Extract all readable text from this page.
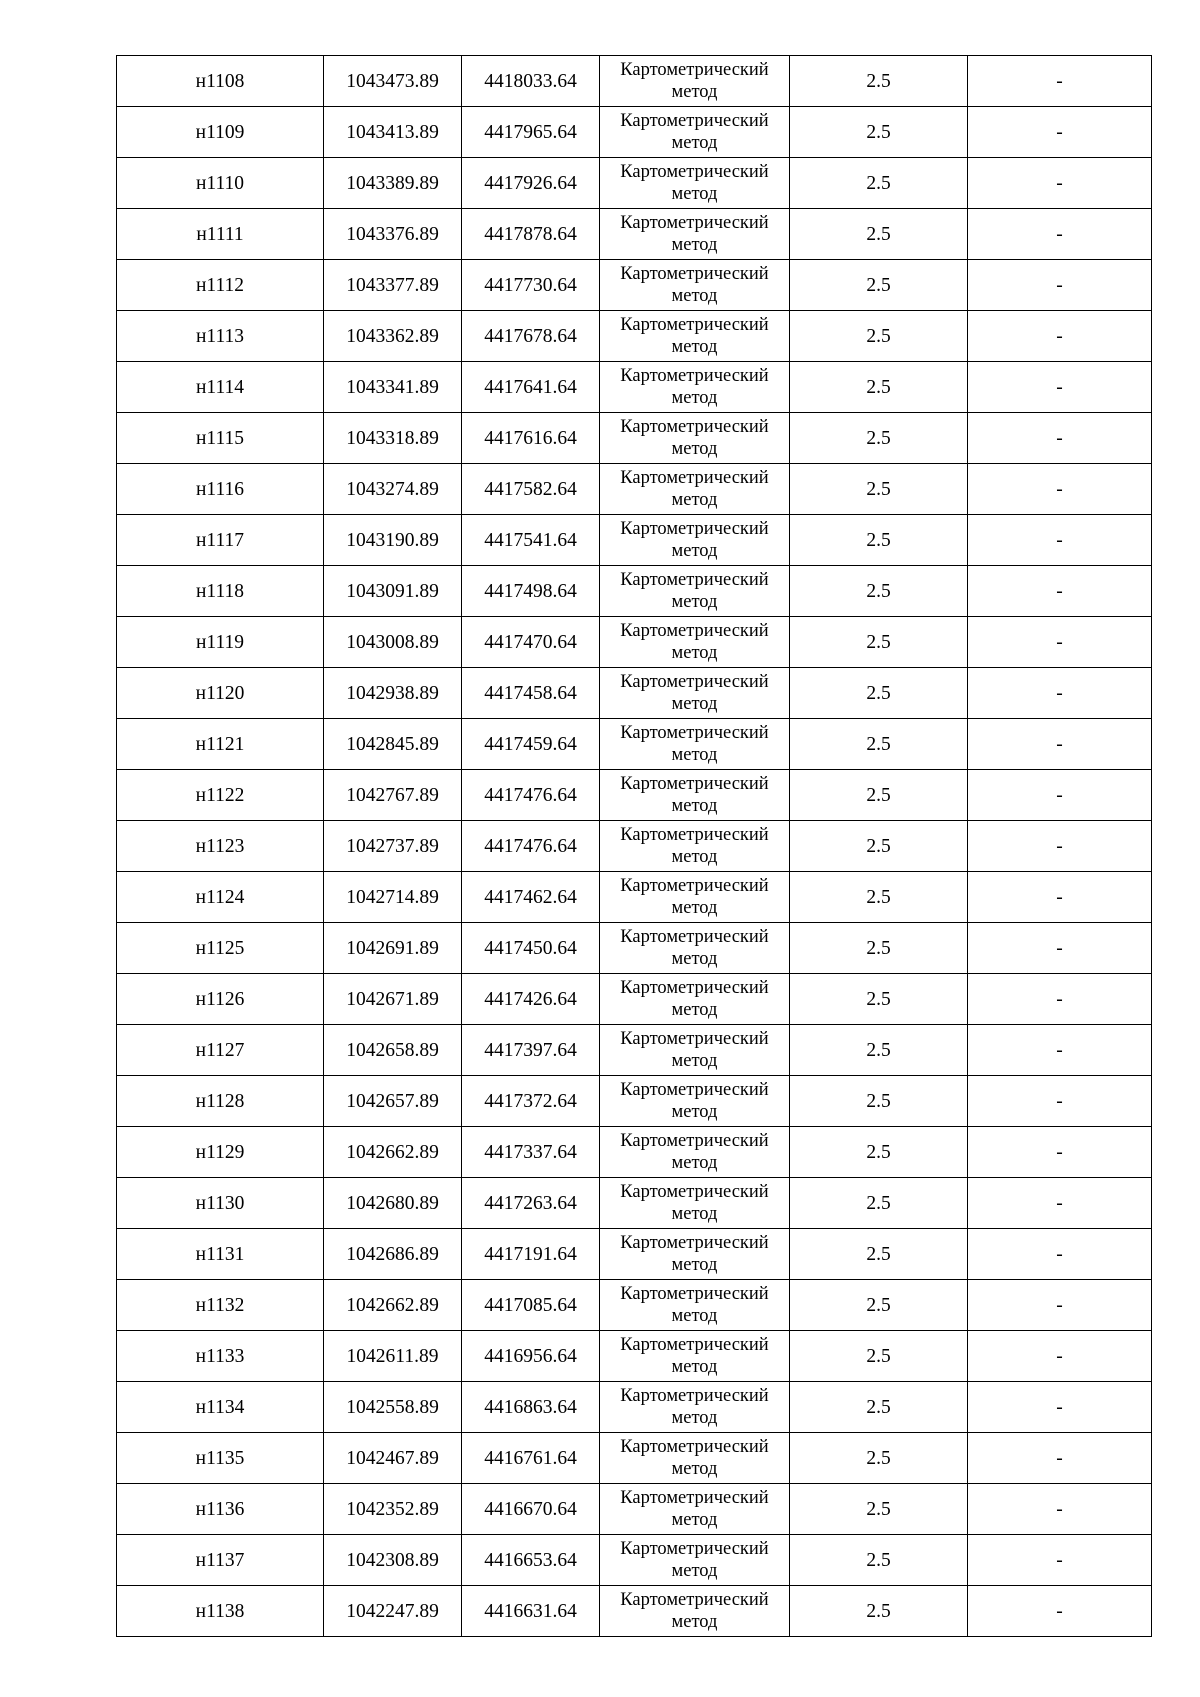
н1108	1043473.89	4418033.64	Картометрический метод	2.5	-
н1109	1043413.89	4417965.64	Картометрический метод	2.5	-
н1110	1043389.89	4417926.64	Картометрический метод	2.5	-
н1111	1043376.89	4417878.64	Картометрический метод	2.5	-
н1112	1043377.89	4417730.64	Картометрический метод	2.5	-
н1113	1043362.89	4417678.64	Картометрический метод	2.5	-
н1114	1043341.89	4417641.64	Картометрический метод	2.5	-
н1115	1043318.89	4417616.64	Картометрический метод	2.5	-
н1116	1043274.89	4417582.64	Картометрический метод	2.5	-
н1117	1043190.89	4417541.64	Картометрический метод	2.5	-
н1118	1043091.89	4417498.64	Картометрический метод	2.5	-
н1119	1043008.89	4417470.64	Картометрический метод	2.5	-
н1120	1042938.89	4417458.64	Картометрический метод	2.5	-
н1121	1042845.89	4417459.64	Картометрический метод	2.5	-
н1122	1042767.89	4417476.64	Картометрический метод	2.5	-
н1123	1042737.89	4417476.64	Картометрический метод	2.5	-
н1124	1042714.89	4417462.64	Картометрический метод	2.5	-
н1125	1042691.89	4417450.64	Картометрический метод	2.5	-
н1126	1042671.89	4417426.64	Картометрический метод	2.5	-
н1127	1042658.89	4417397.64	Картометрический метод	2.5	-
н1128	1042657.89	4417372.64	Картометрический метод	2.5	-
н1129	1042662.89	4417337.64	Картометрический метод	2.5	-
н1130	1042680.89	4417263.64	Картометрический метод	2.5	-
н1131	1042686.89	4417191.64	Картометрический метод	2.5	-
н1132	1042662.89	4417085.64	Картометрический метод	2.5	-
н1133	1042611.89	4416956.64	Картометрический метод	2.5	-
н1134	1042558.89	4416863.64	Картометрический метод	2.5	-
н1135	1042467.89	4416761.64	Картометрический метод	2.5	-
н1136	1042352.89	4416670.64	Картометрический метод	2.5	-
н1137	1042308.89	4416653.64	Картометрический метод	2.5	-
н1138	1042247.89	4416631.64	Картометрический метод	2.5	-
